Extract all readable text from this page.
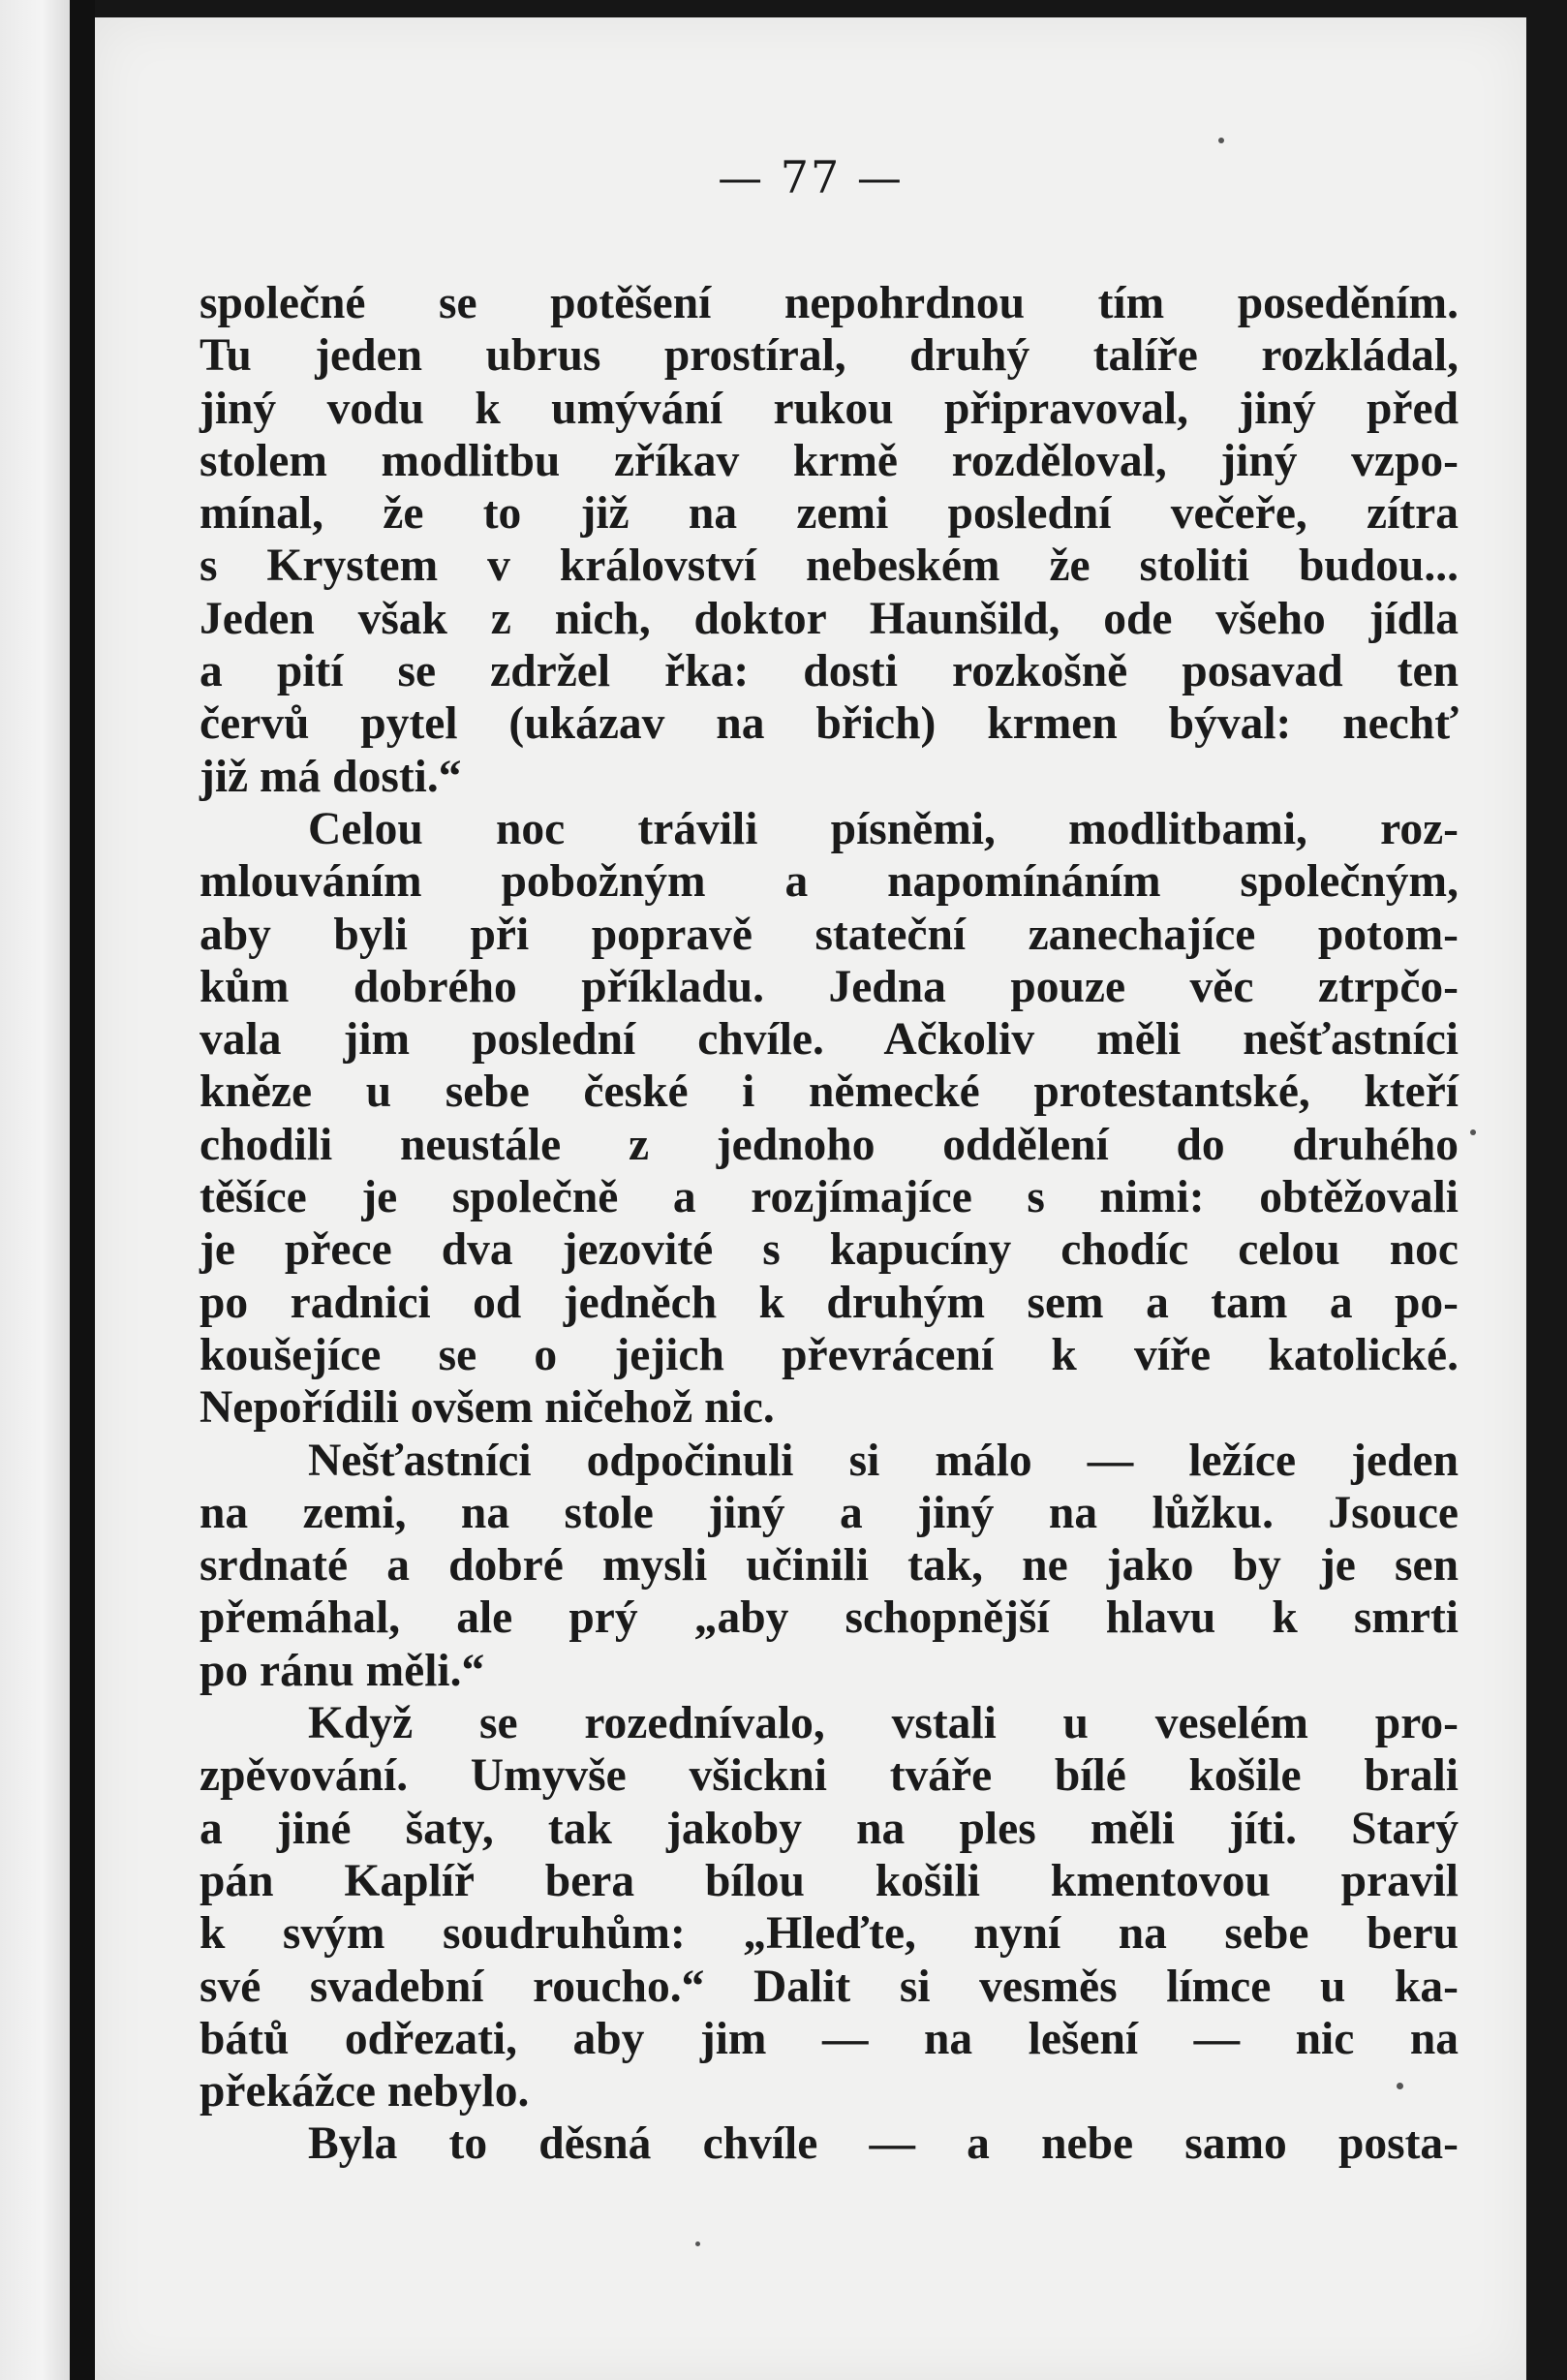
— 77 —
společné se potěšení nepohrdnou tím poseděním.
Tu jeden ubrus prostíral, druhý talíře rozkládal,
jiný vodu k umývání rukou připravoval, jiný před
stolem modlitbu zříkav krmě rozděloval, jiný vzpo-
mínal, že to již na zemi poslední večeře, zítra
s Krystem v království nebeském že stoliti budou...
Jeden však z nich, doktor Haunšild, ode všeho jídla
a pití se zdržel řka: dosti rozkošně posavad ten
červů pytel (ukázav na břich) krmen býval: nechť
již má dosti.“
Celou noc trávili písněmi, modlitbami, roz-
mlouváním pobožným a napomínáním společným,
aby byli při popravě stateční zanechajíce potom-
kům dobrého příkladu. Jedna pouze věc ztrpčo-
vala jim poslední chvíle. Ačkoliv měli nešťastníci
kněze u sebe české i německé protestantské, kteří
chodili neustále z jednoho oddělení do druhého
těšíce je společně a rozjímajíce s nimi: obtěžovali
je přece dva jezovité s kapucíny chodíc celou noc
po radnici od jedněch k druhým sem a tam a po-
koušejíce se o jejich převrácení k víře katolické.
Nepořídili ovšem ničehož nic.
Nešťastníci odpočinuli si málo — ležíce jeden
na zemi, na stole jiný a jiný na lůžku. Jsouce
srdnaté a dobré mysli učinili tak, ne jako by je sen
přemáhal, ale prý „aby schopnější hlavu k smrti
po ránu měli.“
Když se rozednívalo, vstali u veselém pro-
zpěvování. Umyvše všickni tváře bílé košile brali
a jiné šaty, tak jakoby na ples měli jíti. Starý
pán Kaplíř bera bílou košili kmentovou pravil
k svým soudruhům: „Hleďte, nyní na sebe beru
své svadební roucho.“ Dalit si vesměs límce u ka-
bátů odřezati, aby jim — na lešení — nic na
překážce nebylo.
Byla to děsná chvíle — a nebe samo posta-
